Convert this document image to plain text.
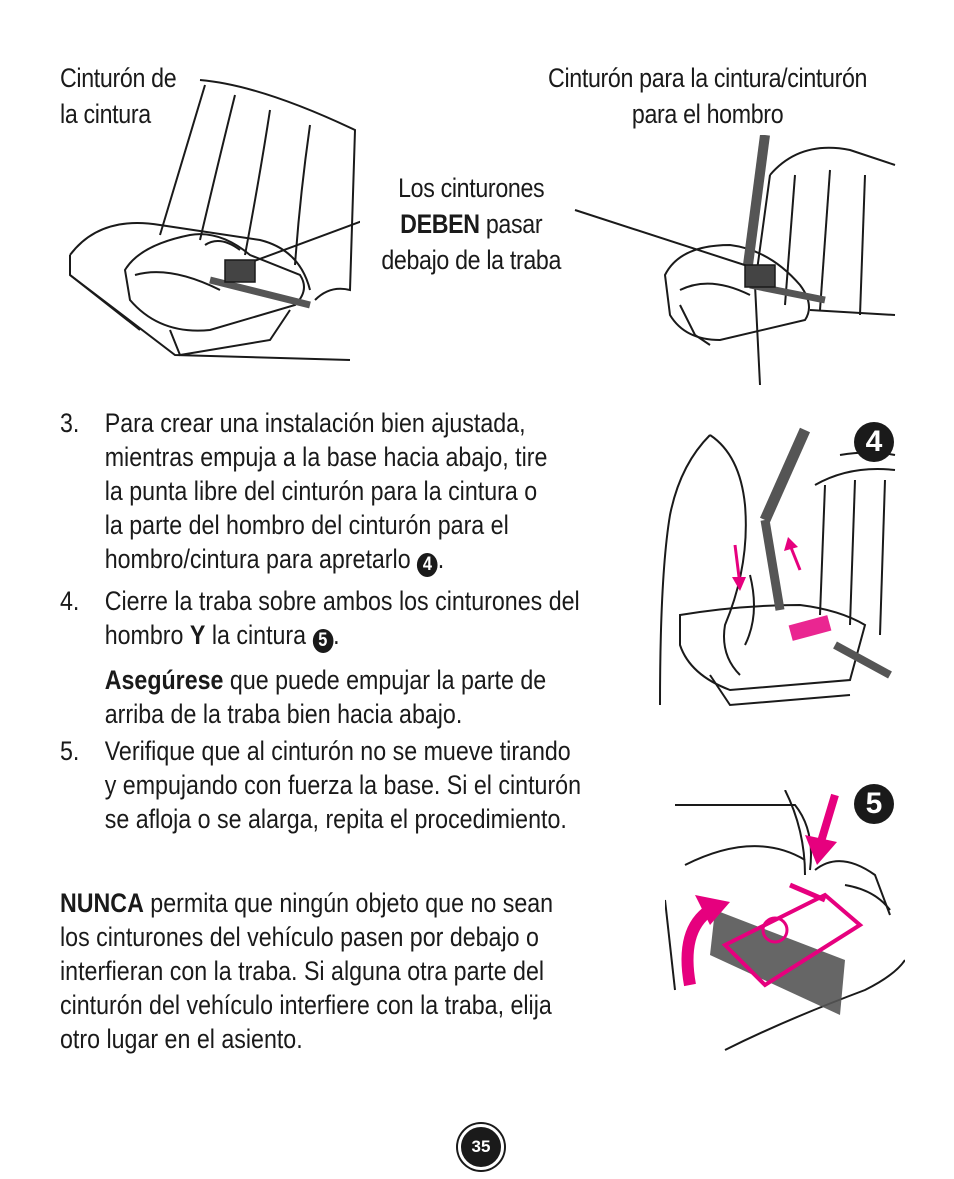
Cinturón de
la cintura
Cinturón para la cintura/cinturón
para el hombro
Los cinturones
DEBEN pasar
debajo de la traba
4
5
3. Para crear una instalación bien ajustada,
mientras empuja a la base hacia abajo, tire
la punta libre del cinturón para la cintura o
la parte del hombro del cinturón para el
hombro/cintura para apretarlo 4 .
4. Cierre la traba sobre ambos los cinturones del
hombro Y la cintura 5 .
Asegúrese que puede empujar la parte de
arriba de la traba bien hacia abajo.
5. Verifique que al cinturón no se mueve tirando
y empujando con fuerza la base. Si el cinturón
se afloja o se alarga, repita el procedimiento.
NUNCA permita que ningún objeto que no sean
los cinturones del vehículo pasen por debajo o
interfieran con la traba. Si alguna otra parte del
cinturón del vehículo interfiere con la traba, elija
otro lugar en el asiento.
35
